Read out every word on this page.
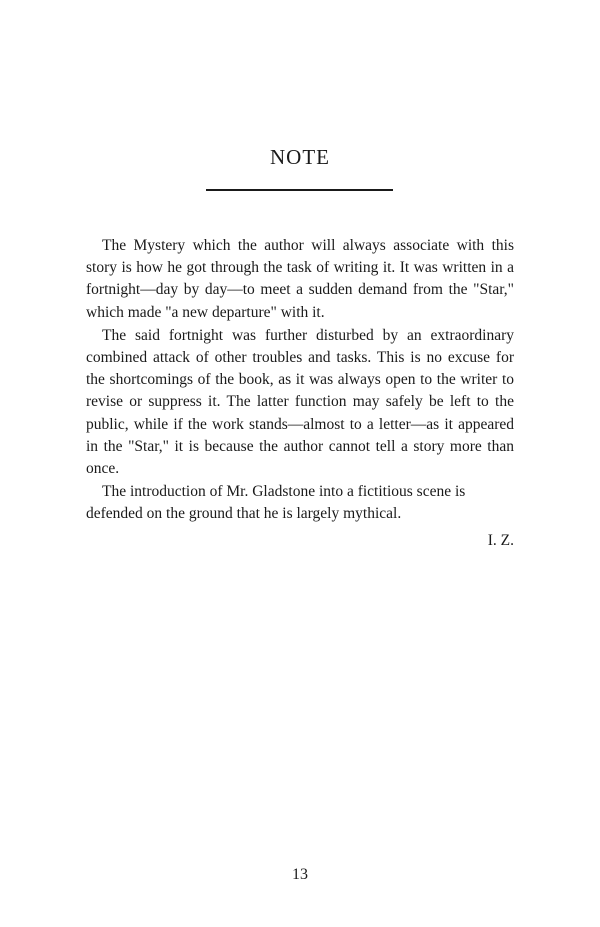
NOTE

The Mystery which the author will always associate with this story is how he got through the task of writing it. It was written in a fortnight—day by day—to meet a sudden demand from the "Star," which made "a new departure" with it.

The said fortnight was further disturbed by an extraordinary combined attack of other troubles and tasks. This is no excuse for the shortcomings of the book, as it was always open to the writer to revise or suppress it. The latter function may safely be left to the public, while if the work stands—almost to a letter—as it appeared in the "Star," it is because the author cannot tell a story more than once.

The introduction of Mr. Gladstone into a fictitious scene is defended on the ground that he is largely mythical.

I. Z.
13
